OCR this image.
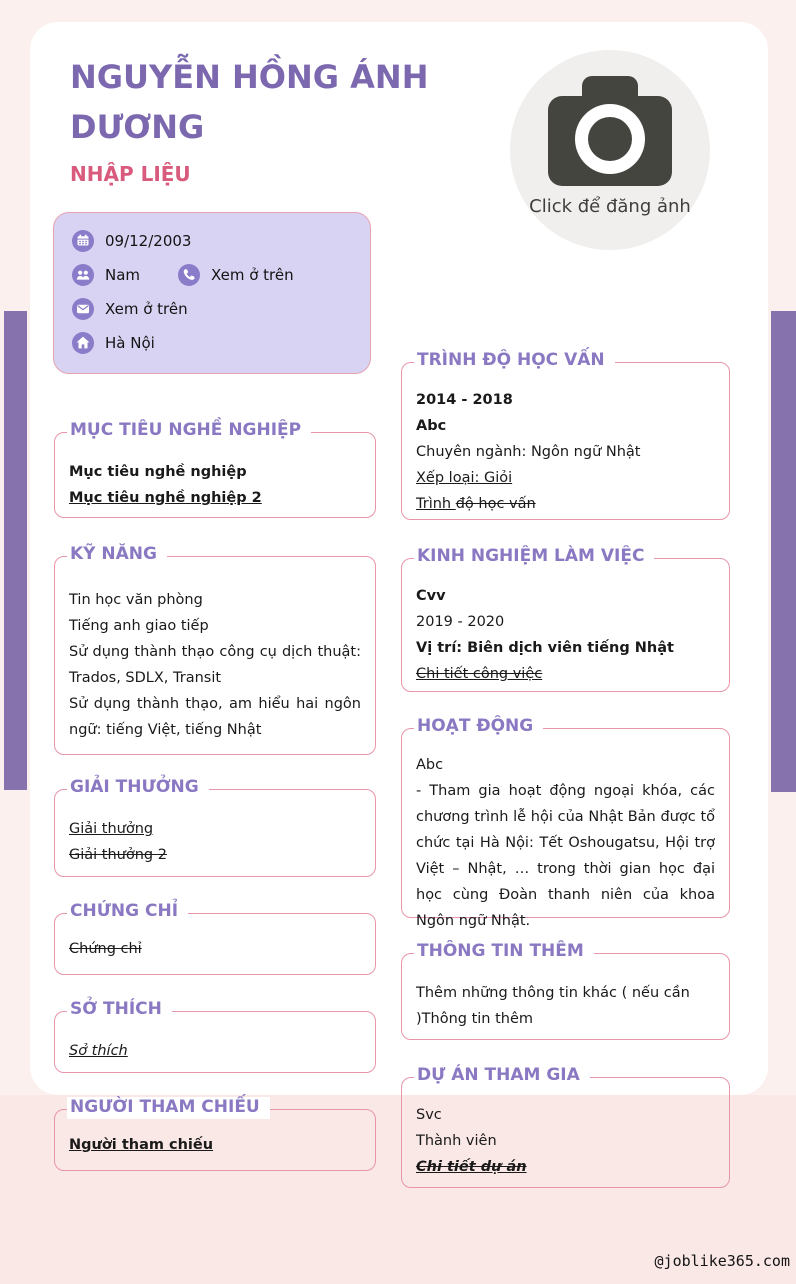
NGUYỄN HỒNG ÁNH DƯƠNG
NHẬP LIỆU
Click để đăng ảnh
09/12/2003
Nam	Xem ở trên
Xem ở trên
Hà Nội
MỤC TIÊU NGHỀ NGHIỆP
Mục tiêu nghề nghiệp
Mục tiêu nghề nghiệp 2
KỸ NĂNG
Tin học văn phòng
Tiếng anh giao tiếp
Sử dụng thành thạo công cụ dịch thuật: Trados, SDLX, Transit
Sử dụng thành thạo, am hiểu hai ngôn ngữ: tiếng Việt, tiếng Nhật
GIẢI THƯỞNG
Giải thưởng
Giải thưởng 2
CHỨNG CHỈ
Chứng chỉ
SỞ THÍCH
Sở thích
NGƯỜI THAM CHIẾU
Người tham chiếu
TRÌNH ĐỘ HỌC VẤN
2014 - 2018
Abc
Chuyên ngành: Ngôn ngữ Nhật
Xếp loại: Giỏi
Trình độ học vấn
KINH NGHIỆM LÀM VIỆC
Cvv
2019 - 2020
Vị trí: Biên dịch viên tiếng Nhật
Chi tiết công việc
HOẠT ĐỘNG
Abc
- Tham gia hoạt động ngoại khóa, các chương trình lễ hội của Nhật Bản được tổ chức tại Hà Nội: Tết Oshougatsu, Hội trợ Việt – Nhật, … trong thời gian học đại học cùng Đoàn thanh niên của khoa Ngôn ngữ Nhật.
THÔNG TIN THÊM
Thêm những thông tin khác ( nếu cần )Thông tin thêm
DỰ ÁN THAM GIA
Svc
Thành viên
Chi tiết dự án
@joblike365.com
